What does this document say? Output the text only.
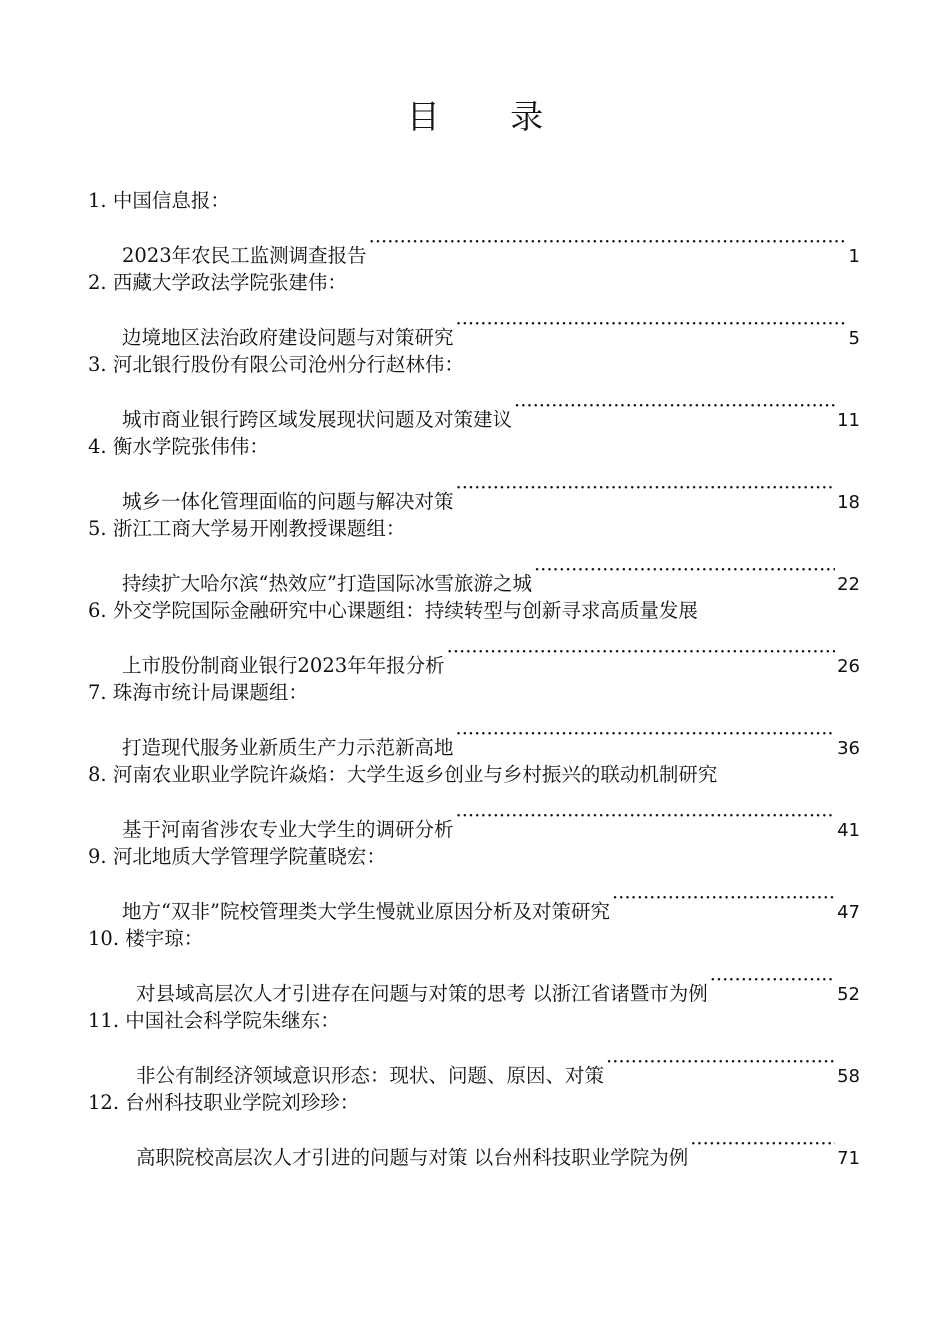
目 录
1. 中国信息报：
2023年农民工监测调查报告 ·····	1
2. 西藏大学政法学院张建伟：
边境地区法治政府建设问题与对策研究 ·····	5
3. 河北银行股份有限公司沧州分行赵林伟：
城市商业银行跨区域发展现状问题及对策建议 ·····	11
4. 衡水学院张伟伟：
城乡一体化管理面临的问题与解决对策 ·····	18
5. 浙江工商大学易开刚教授课题组：
持续扩大哈尔滨“热效应”打造国际冰雪旅游之城 ·····	22
6. 外交学院国际金融研究中心课题组：持续转型与创新寻求高质量发展
上市股份制商业银行2023年年报分析 ·····	26
7. 珠海市统计局课题组：
打造现代服务业新质生产力示范新高地 ·····	36
8. 河南农业职业学院许焱焰：大学生返乡创业与乡村振兴的联动机制研究
基于河南省涉农专业大学生的调研分析 ·····	41
9. 河北地质大学管理学院董晓宏：
地方“双非”院校管理类大学生慢就业原因分析及对策研究 ·····	47
10. 楼宇琼：
对县域高层次人才引进存在问题与对策的思考 以浙江省诸暨市为例 ·····	52
11. 中国社会科学院朱继东：
非公有制经济领域意识形态：现状、问题、原因、对策 ·····	58
12. 台州科技职业学院刘珍珍：
高职院校高层次人才引进的问题与对策 以台州科技职业学院为例 ·····	71
